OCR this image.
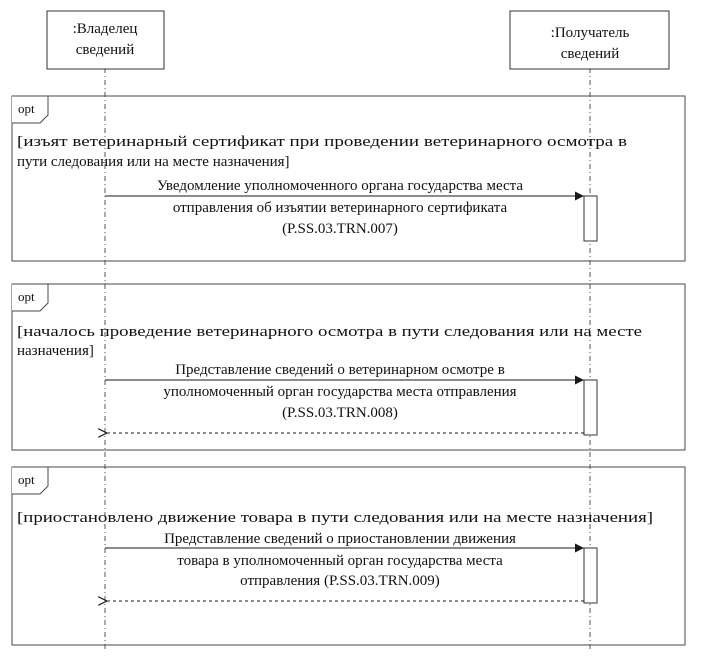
:Владелец
сведений
:Получатель
сведений
opt
[изъят ветеринарный сертификат при проведении ветеринарного осмотра в
пути следования или на месте назначения]
Уведомление уполномоченного органа государства места
отправления об изъятии ветеринарного сертификата
(P.SS.03.TRN.007)
opt
[началось проведение ветеринарного осмотра в пути следования или на месте
назначения]
Представление сведений о ветеринарном осмотре в
уполномоченный орган государства места отправления
(P.SS.03.TRN.008)
opt
[приостановлено движение товара в пути следования или на месте назначения]
Представление сведений о приостановлении движения
товара в уполномоченный орган государства места
отправления (P.SS.03.TRN.009)
